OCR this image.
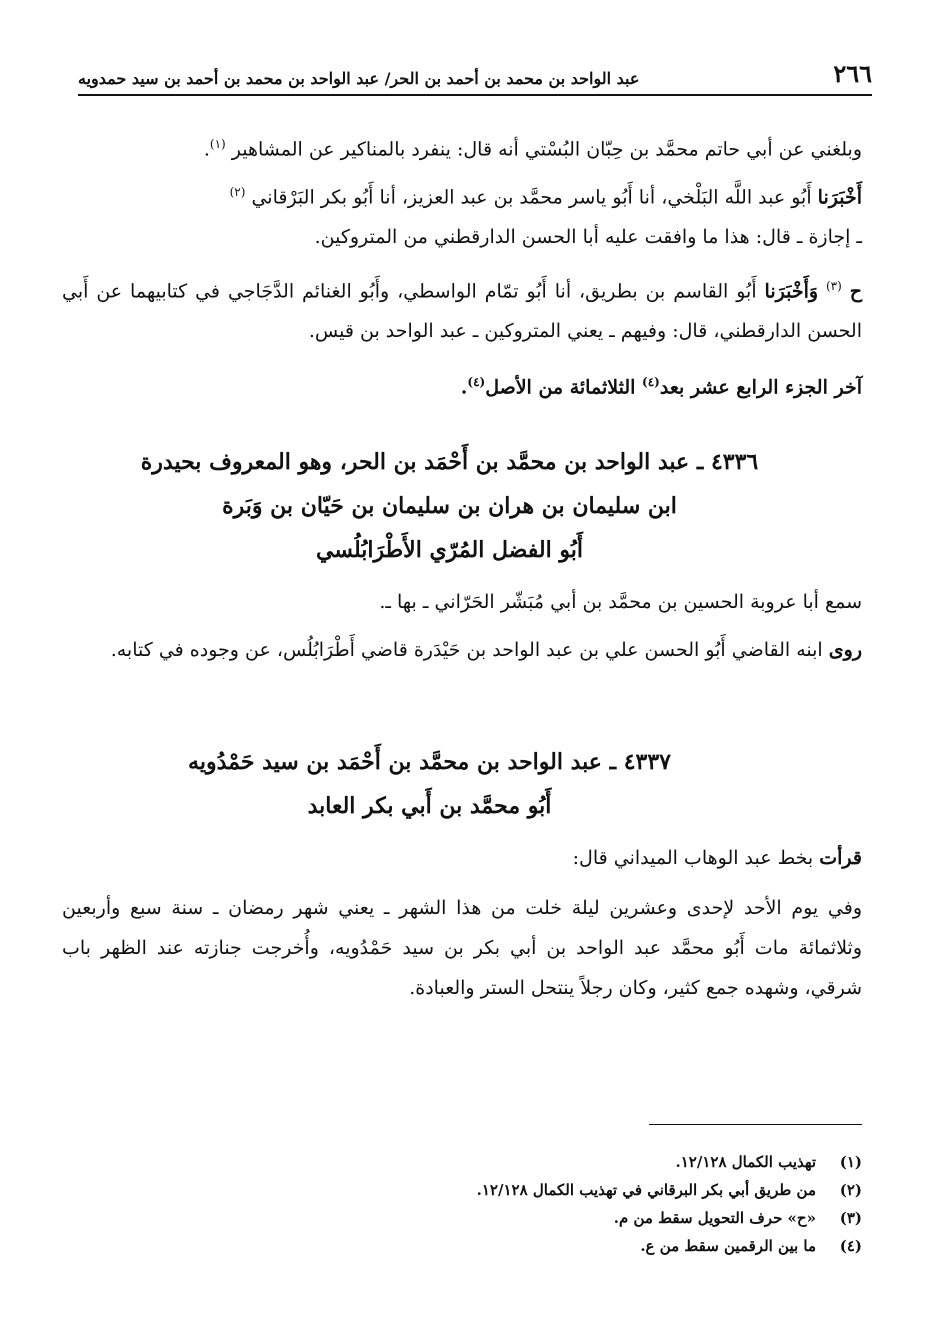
٢٦٦
عبد الواحد بن محمد بن أحمد بن الحر/ عبد الواحد بن محمد بن أحمد بن سيد حمدويه
وبلغني عن أبي حاتم محمَّد بن حِبّان البُسْتي أنه قال: ينفرد بالمناكير عن المشاهير $^{(١)}$.
أَخْبَرَنا أَبُو عبد اللَّه البَلْخي، أنا أَبُو ياسر محمَّد بن عبد العزيز، أنا أَبُو بكر البَرْقاني $^{(٢)}$
ـ إجازة ـ قال: هذا ما وافقت عليه أبا الحسن الدارقطني من المتروكين.
ح $^{(٣)}$ وَأَخْبَرَنا أَبُو القاسم بن بطريق، أنا أَبُو تمّام الواسطي، وأَبُو الغنائم الدَّجَاجي في كتابيهما عن أَبي الحسن الدارقطني، قال: وفيهم ـ يعني المتروكين ـ عبد الواحد بن قيس.
آخر الجزء الرابع عشر بعد$^{(٤)}$ الثلاثمائة من الأصل$^{(٤)}$.
٤٣٣٦ ـ عبد الواحد بن محمَّد بن أَحْمَد بن الحر، وهو المعروف بحيدرة
ابن سليمان بن هران بن سليمان بن حَيّان بن وَبَرة
أَبُو الفضل المُرّي الأَطْرَابُلُسي
سمع أبا عروبة الحسين بن محمَّد بن أبي مُبَشّر الحَرّاني ـ بها ـ.
روى ابنه القاضي أَبُو الحسن علي بن عبد الواحد بن حَيْدَرة قاضي أَطْرَابُلُس، عن وجوده في كتابه.
٤٣٣٧ ـ عبد الواحد بن محمَّد بن أَحْمَد بن سيد حَمْدُويه
أَبُو محمَّد بن أَبي بكر العابد
قرأت بخط عبد الوهاب الميداني قال:
وفي يوم الأحد لإحدى وعشرين ليلة خلت من هذا الشهر ـ يعني شهر رمضان ـ سنة سبع وأربعين وثلاثمائة مات أَبُو محمَّد عبد الواحد بن أبي بكر بن سيد حَمْدُويه، وأُخرجت جنازته عند الظهر باب شرقي، وشهده جمع كثير، وكان رجلاً ينتحل الستر والعبادة.
(١)
تهذيب الكمال ١٢/١٢٨.
(٢)
من طريق أبي بكر البرقاني في تهذيب الكمال ١٢/١٢٨.
(٣)
«ح» حرف التحويل سقط من م.
(٤)
ما بين الرقمين سقط من ع.
